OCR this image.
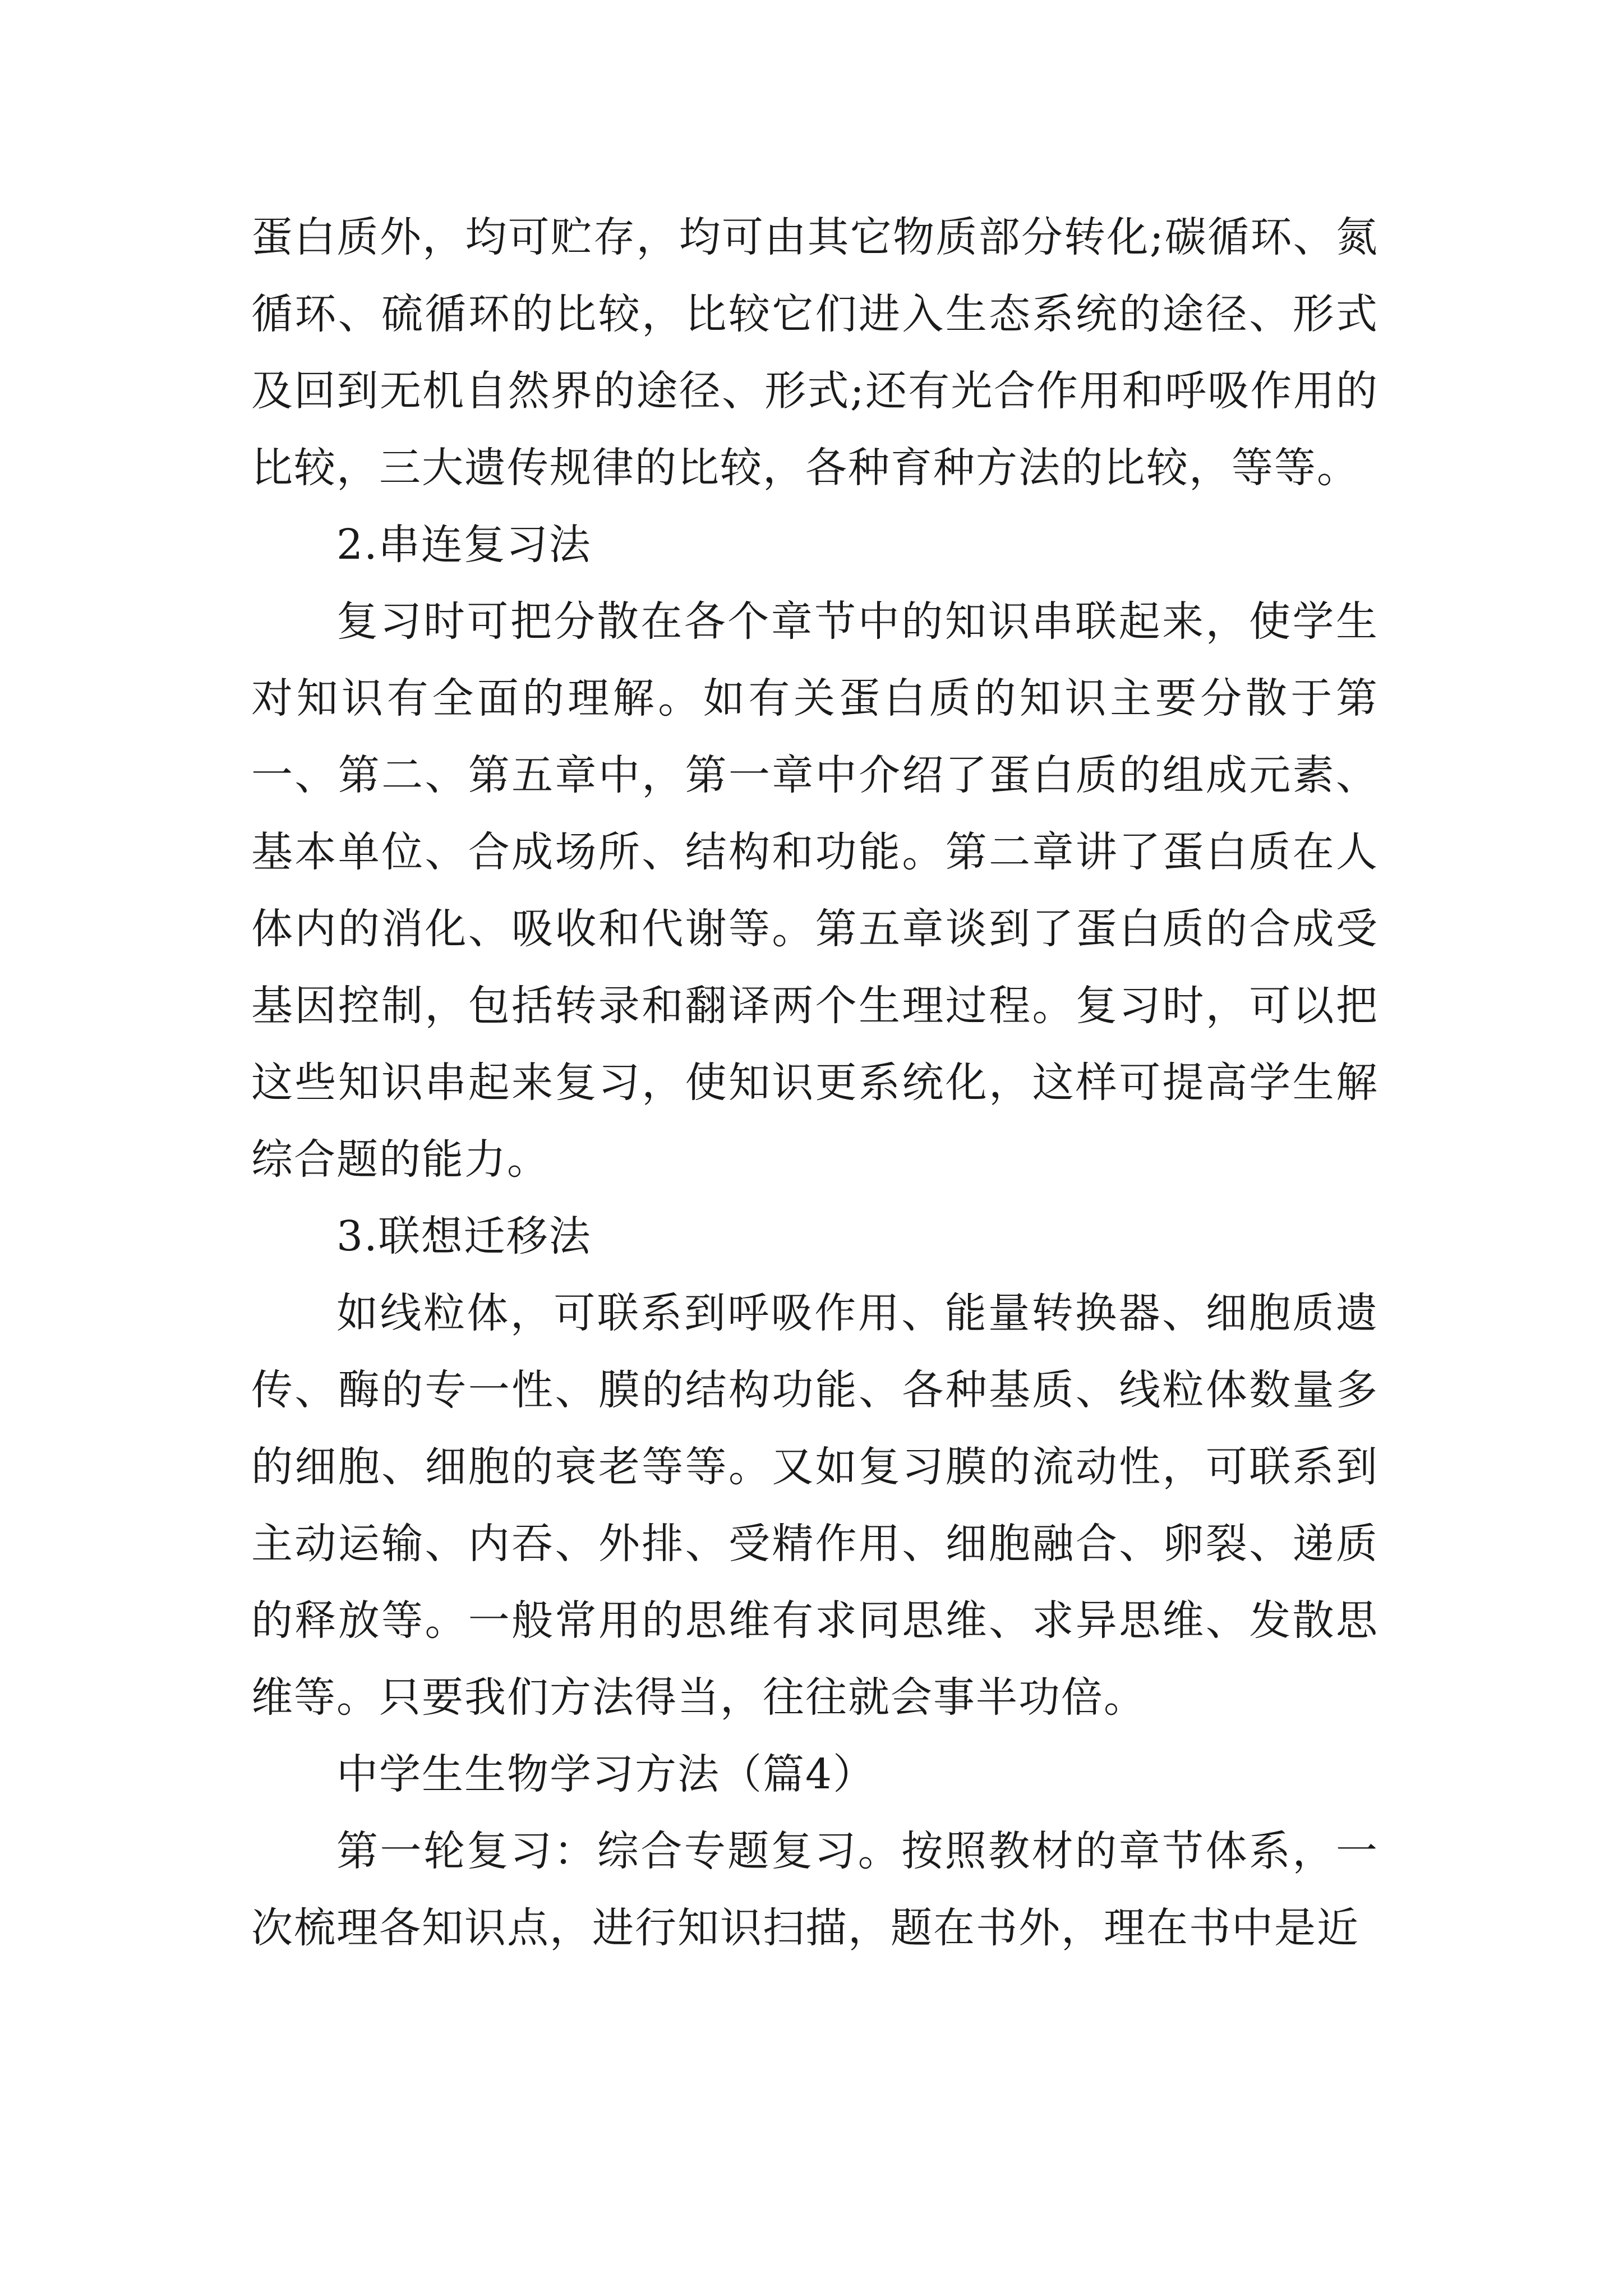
蛋白质外，均可贮存，均可由其它物质部分转化;碳循环、氮循环、硫循环的比较，比较它们进入生态系统的途径、形式及回到无机自然界的途径、形式;还有光合作用和呼吸作用的比较，三大遗传规律的比较，各种育种方法的比较，等等。

2.串连复习法

复习时可把分散在各个章节中的知识串联起来，使学生对知识有全面的理解。如有关蛋白质的知识主要分散于第一、第二、第五章中，第一章中介绍了蛋白质的组成元素、基本单位、合成场所、结构和功能。第二章讲了蛋白质在人体内的消化、吸收和代谢等。第五章谈到了蛋白质的合成受基因控制，包括转录和翻译两个生理过程。复习时，可以把这些知识串起来复习，使知识更系统化，这样可提高学生解综合题的能力。

3.联想迁移法

如线粒体，可联系到呼吸作用、能量转换器、细胞质遗传、酶的专一性、膜的结构功能、各种基质、线粒体数量多的细胞、细胞的衰老等等。又如复习膜的流动性，可联系到主动运输、内吞、外排、受精作用、细胞融合、卵裂、递质的释放等。一般常用的思维有求同思维、求异思维、发散思维等。只要我们方法得当，往往就会事半功倍。

中学生生物学习方法（篇4）

第一轮复习：综合专题复习。按照教材的章节体系，一次梳理各知识点，进行知识扫描，题在书外，理在书中是近
